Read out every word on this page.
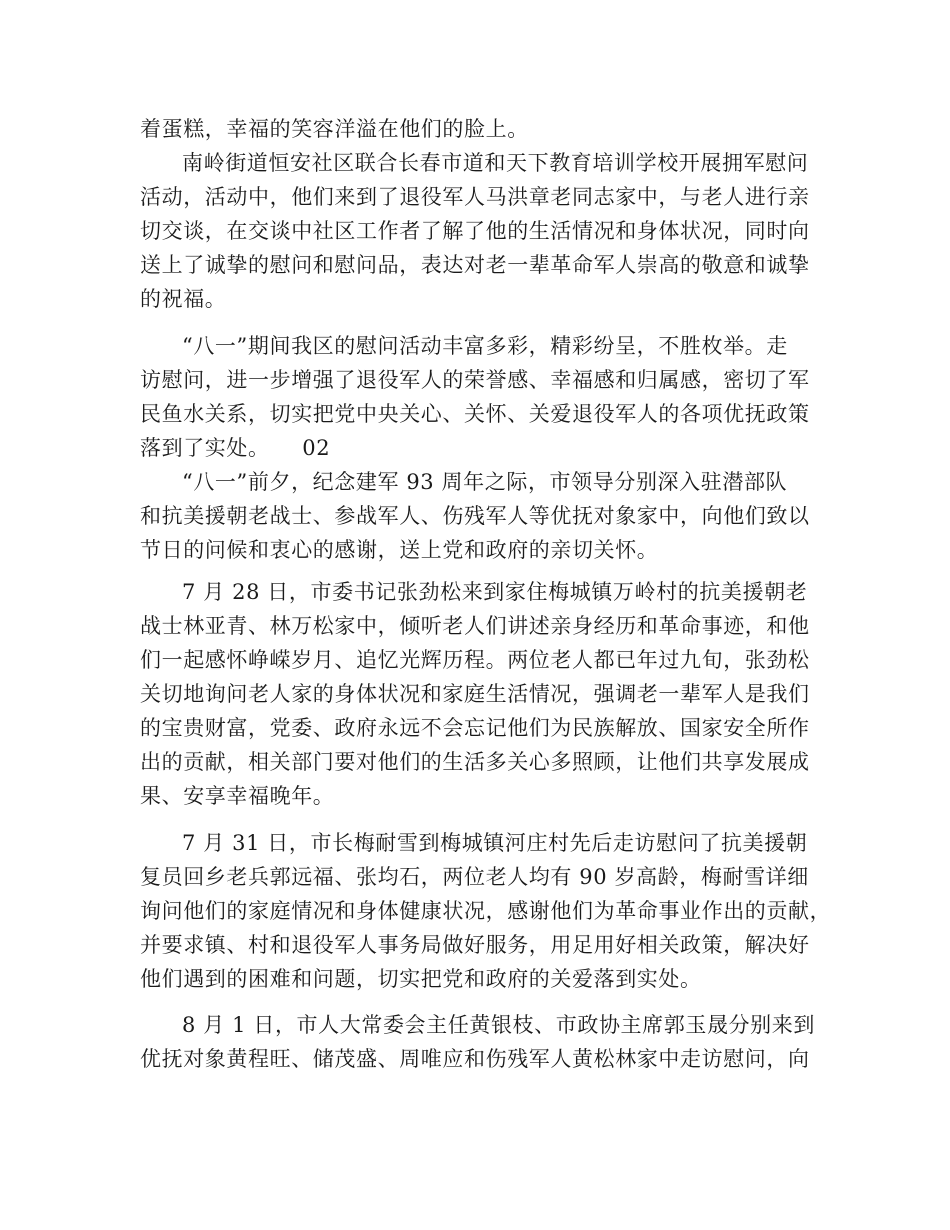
着蛋糕，幸福的笑容洋溢在他们的脸上。
南岭街道恒安社区联合长春市道和天下教育培训学校开展拥军慰问
活动，活动中，他们来到了退役军人马洪章老同志家中，与老人进行亲
切交谈，在交谈中社区工作者了解了他的生活情况和身体状况，同时向
送上了诚挚的慰问和慰问品，表达对老一辈革命军人崇高的敬意和诚挚
的祝福。
“八一”期间我区的慰问活动丰富多彩，精彩纷呈，不胜枚举。走
访慰问，进一步增强了退役军人的荣誉感、幸福感和归属感，密切了军
民鱼水关系，切实把党中央关心、关怀、关爱退役军人的各项优抚政策
落到了实处。　　02
“八一”前夕，纪念建军 93 周年之际，市领导分别深入驻潜部队
和抗美援朝老战士、参战军人、伤残军人等优抚对象家中，向他们致以
节日的问候和衷心的感谢，送上党和政府的亲切关怀。
7 月 28 日，市委书记张劲松来到家住梅城镇万岭村的抗美援朝老
战士林亚青、林万松家中，倾听老人们讲述亲身经历和革命事迹，和他
们一起感怀峥嵘岁月、追忆光辉历程。两位老人都已年过九旬，张劲松
关切地询问老人家的身体状况和家庭生活情况，强调老一辈军人是我们
的宝贵财富，党委、政府永远不会忘记他们为民族解放、国家安全所作
出的贡献，相关部门要对他们的生活多关心多照顾，让他们共享发展成
果、安享幸福晚年。
7 月 31 日，市长梅耐雪到梅城镇河庄村先后走访慰问了抗美援朝
复员回乡老兵郭远福、张均石，两位老人均有 90 岁高龄，梅耐雪详细
询问他们的家庭情况和身体健康状况，感谢他们为革命事业作出的贡献，
并要求镇、村和退役军人事务局做好服务，用足用好相关政策，解决好
他们遇到的困难和问题，切实把党和政府的关爱落到实处。
8 月 1 日，市人大常委会主任黄银枝、市政协主席郭玉晟分别来到
优抚对象黄程旺、储茂盛、周唯应和伤残军人黄松林家中走访慰问，向
